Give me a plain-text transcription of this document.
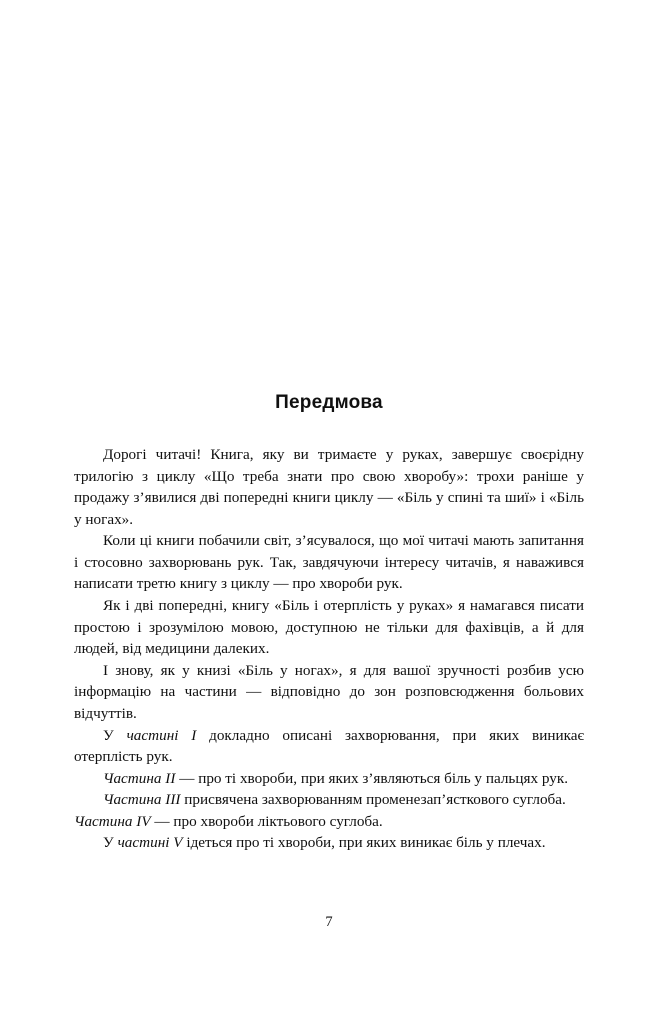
Передмова

Дорогі читачі! Книга, яку ви тримаєте у руках, завершує своєрідну трилогію з циклу «Що треба знати про свою хворобу»: трохи раніше у продажу з’явилися дві попередні книги циклу — «Біль у спині та шиї» і «Біль у ногах».

Коли ці книги побачили світ, з’ясувалося, що мої читачі мають запитання і стосовно захворювань рук. Так, завдячуючи інтересу читачів, я наважився написати третю книгу з циклу — про хвороби рук.

Як і дві попередні, книгу «Біль і отерплість у руках» я намагався писати простою і зрозумілою мовою, доступною не тільки для фахівців, а й для людей, від медицини далеких.

І знову, як у книзі «Біль у ногах», я для вашої зручності розбив усю інформацію на частини — відповідно до зон розповсюдження больових відчуттів.

У частині I докладно описані захворювання, при яких виникає отерплість рук.

Частина II — про ті хвороби, при яких з’являються біль у пальцях рук.

Частина III присвячена захворюванням променезап’ясткового суглоба.

Частина IV — про хвороби ліктьового суглоба.

У частині V ідеться про ті хвороби, при яких виникає біль у плечах.

7
